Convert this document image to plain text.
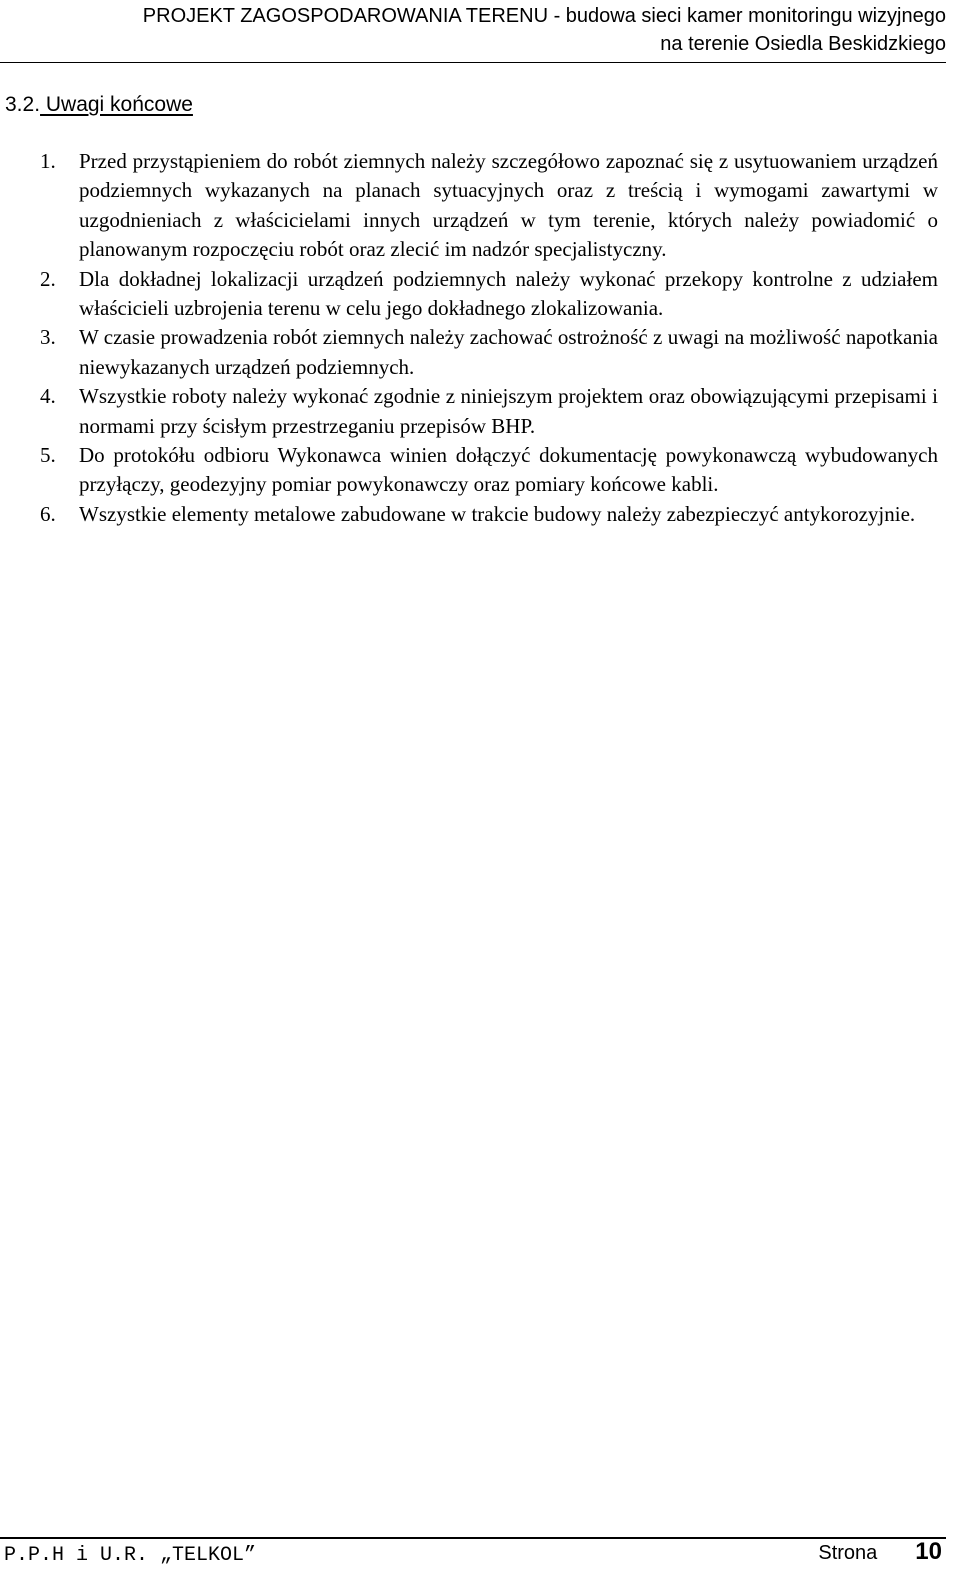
PROJEKT ZAGOSPODAROWANIA TERENU - budowa sieci kamer monitoringu wizyjnego
na terenie Osiedla Beskidzkiego
3.2. Uwagi końcowe
1. Przed przystąpieniem do robót ziemnych należy szczegółowo zapoznać się z usytuowaniem urządzeń podziemnych wykazanych na planach sytuacyjnych oraz z treścią i wymogami zawartymi w uzgodnieniach z właścicielami innych urządzeń w tym terenie, których należy powiadomić o planowanym rozpoczęciu robót oraz zlecić im nadzór specjalistyczny.
2. Dla dokładnej lokalizacji urządzeń podziemnych należy wykonać przekopy kontrolne z udziałem właścicieli uzbrojenia terenu w celu jego dokładnego zlokalizowania.
3. W czasie prowadzenia robót ziemnych należy zachować ostrożność z uwagi na możliwość napotkania niewykazanych urządzeń podziemnych.
4. Wszystkie roboty należy wykonać zgodnie z niniejszym projektem oraz obowiązującymi przepisami i normami przy ścisłym przestrzeganiu przepisów BHP.
5. Do protokółu odbioru Wykonawca winien dołączyć dokumentację powykonawczą wybudowanych przyłączy, geodezyjny pomiar powykonawczy oraz pomiary końcowe kabli.
6. Wszystkie elementy metalowe zabudowane w trakcie budowy należy zabezpieczyć antykorozyjnie.
P.P.H i U.R. „TELKOL”	Strona 10
